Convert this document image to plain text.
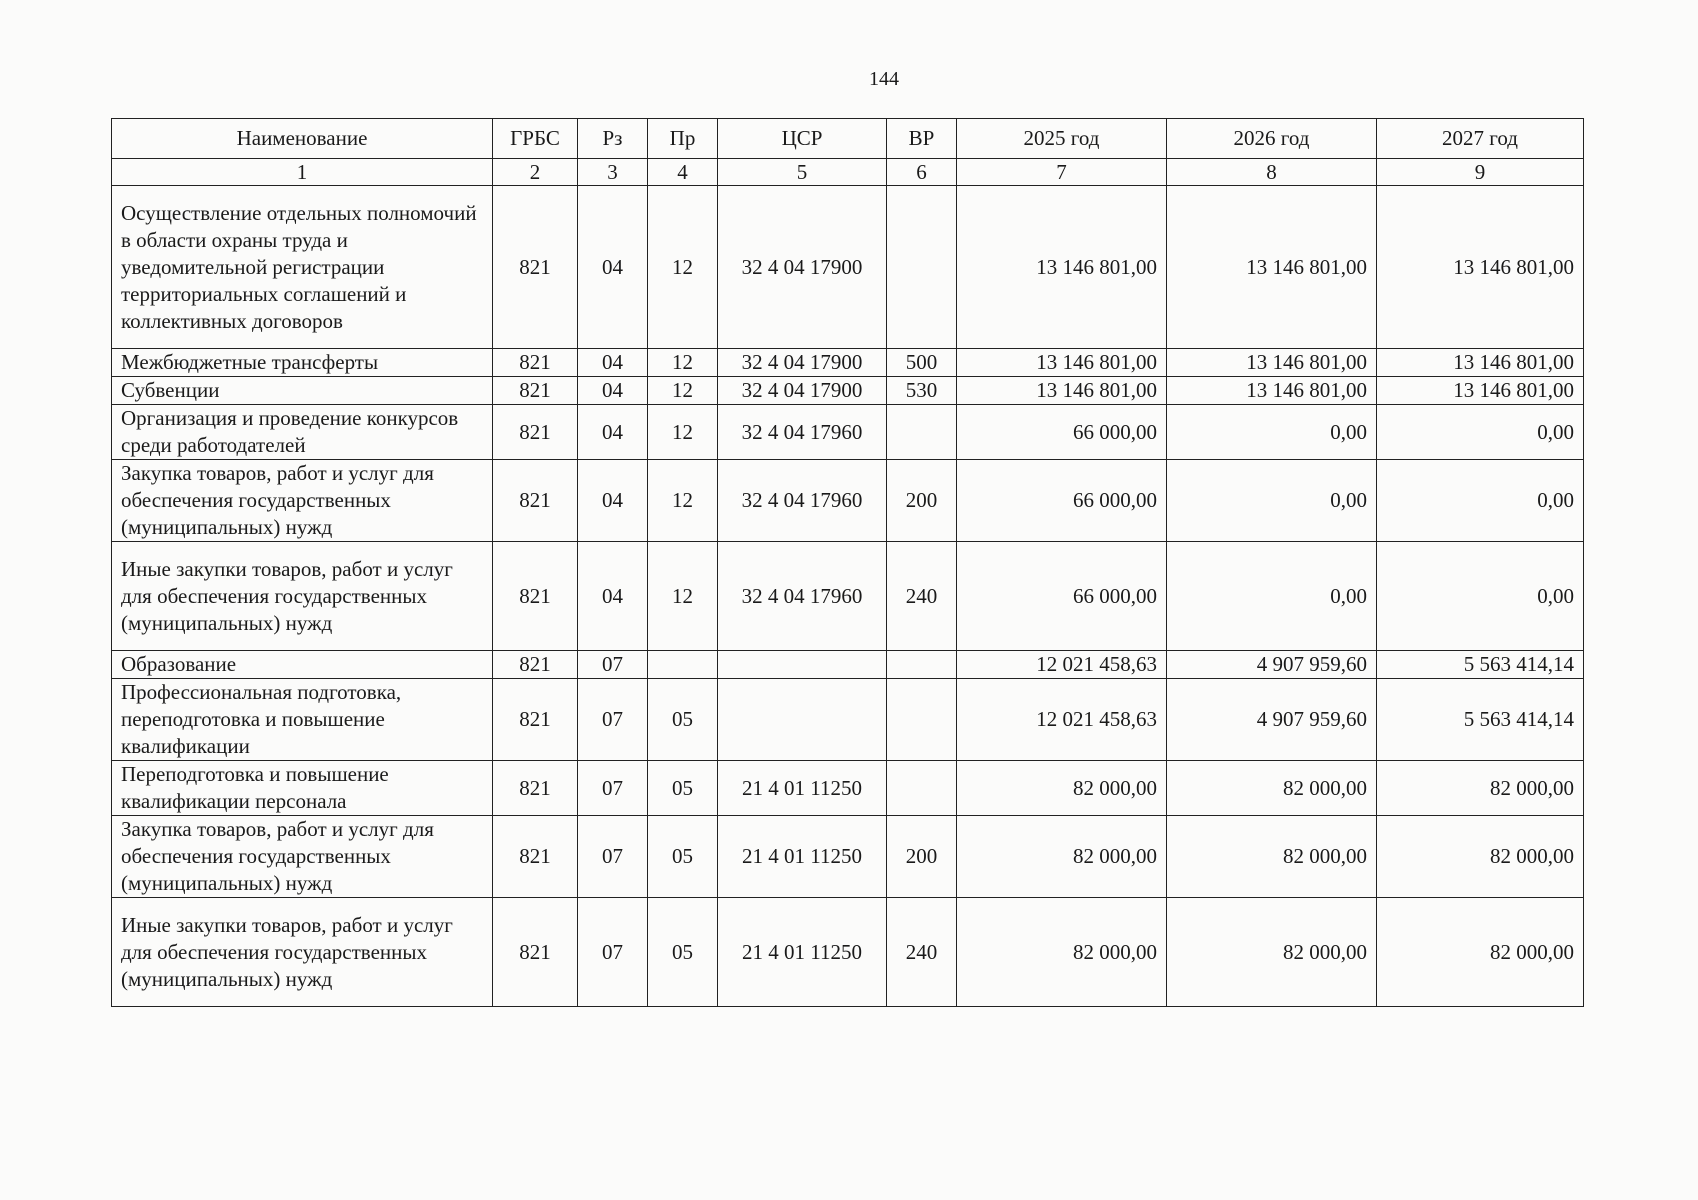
144
Наименование	ГРБС	Рз	Пр	ЦСР	ВР	2025 год	2026 год	2027 год
1	2	3	4	5	6	7	8	9
Осуществление отдельных полномочий в области охраны труда и уведомительной регистрации территориальных соглашений и коллективных договоров	821	04	12	32 4 04 17900		13 146 801,00	13 146 801,00	13 146 801,00
Межбюджетные трансферты	821	04	12	32 4 04 17900	500	13 146 801,00	13 146 801,00	13 146 801,00
Субвенции	821	04	12	32 4 04 17900	530	13 146 801,00	13 146 801,00	13 146 801,00
Организация и проведение конкурсов среди работодателей	821	04	12	32 4 04 17960		66 000,00	0,00	0,00
Закупка товаров, работ и услуг для обеспечения государственных (муниципальных) нужд	821	04	12	32 4 04 17960	200	66 000,00	0,00	0,00
Иные закупки товаров, работ и услуг для обеспечения государственных (муниципальных) нужд	821	04	12	32 4 04 17960	240	66 000,00	0,00	0,00
Образование	821	07				12 021 458,63	4 907 959,60	5 563 414,14
Профессиональная подготовка, переподготовка и повышение квалификации	821	07	05			12 021 458,63	4 907 959,60	5 563 414,14
Переподготовка и повышение квалификации персонала	821	07	05	21 4 01 11250		82 000,00	82 000,00	82 000,00
Закупка товаров, работ и услуг для обеспечения государственных (муниципальных) нужд	821	07	05	21 4 01 11250	200	82 000,00	82 000,00	82 000,00
Иные закупки товаров, работ и услуг для обеспечения государственных (муниципальных) нужд	821	07	05	21 4 01 11250	240	82 000,00	82 000,00	82 000,00
